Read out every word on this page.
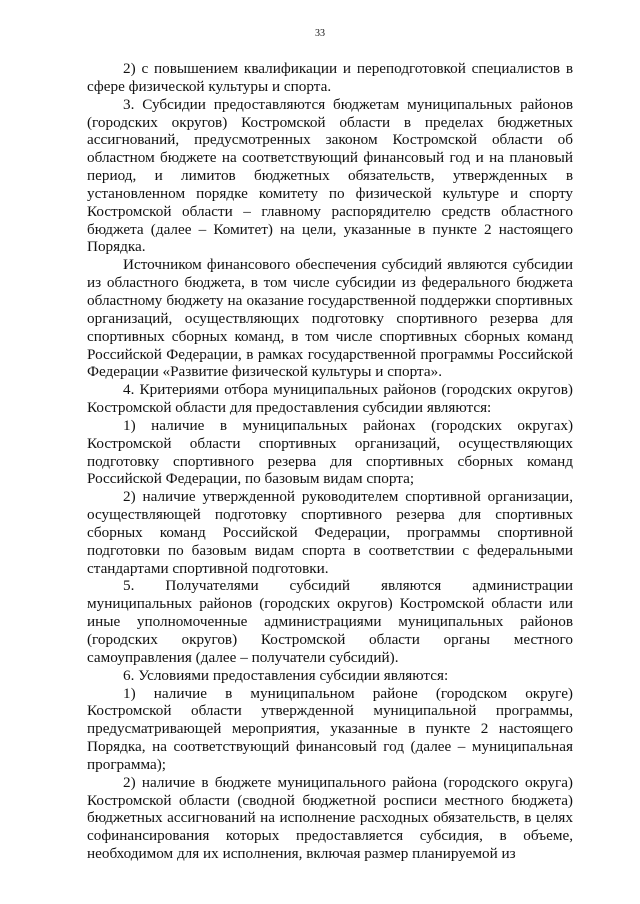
33

2) с повышением квалификации и переподготовкой специалистов в сфере физической культуры и спорта.

3. Субсидии предоставляются бюджетам муниципальных районов (городских округов) Костромской области в пределах бюджетных ассигнований, предусмотренных законом Костромской области об областном бюджете на соответствующий финансовый год и на плановый период, и лимитов бюджетных обязательств, утвержденных в установленном порядке комитету по физической культуре и спорту Костромской области – главному распорядителю средств областного бюджета (далее – Комитет) на цели, указанные в пункте 2 настоящего Порядка.

Источником финансового обеспечения субсидий являются субсидии из областного бюджета, в том числе субсидии из федерального бюджета областному бюджету на оказание государственной поддержки спортивных организаций, осуществляющих подготовку спортивного резерва для спортивных сборных команд, в том числе спортивных сборных команд Российской Федерации, в рамках государственной программы Российской Федерации «Развитие физической культуры и спорта».

4. Критериями отбора муниципальных районов (городских округов) Костромской области для предоставления субсидии являются:

1) наличие в муниципальных районах (городских округах) Костромской области спортивных организаций, осуществляющих подготовку спортивного резерва для спортивных сборных команд Российской Федерации, по базовым видам спорта;

2) наличие утвержденной руководителем спортивной организации, осуществляющей подготовку спортивного резерва для спортивных сборных команд Российской Федерации, программы спортивной подготовки по базовым видам спорта в соответствии с федеральными стандартами спортивной подготовки.

5. Получателями субсидий являются администрации муниципальных районов (городских округов) Костромской области или иные уполномоченные администрациями муниципальных районов (городских округов) Костромской области органы местного самоуправления (далее – получатели субсидий).

6. Условиями предоставления субсидии являются:

1) наличие в муниципальном районе (городском округе) Костромской области утвержденной муниципальной программы, предусматривающей мероприятия, указанные в пункте 2 настоящего Порядка, на соответствующий финансовый год (далее – муниципальная программа);

2) наличие в бюджете муниципального района (городского округа) Костромской области (сводной бюджетной росписи местного бюджета) бюджетных ассигнований на исполнение расходных обязательств, в целях софинансирования которых предоставляется субсидия, в объеме, необходимом для их исполнения, включая размер планируемой из
